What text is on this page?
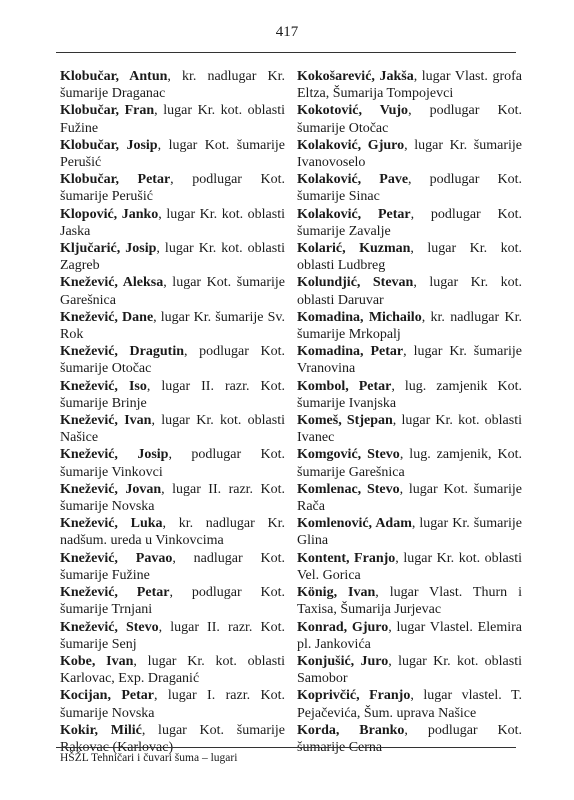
417

Klobučar, Antun, kr. nadlugar Kr. šumarije Draganac

Klobučar, Fran, lugar Kr. kot. oblasti Fužine

Klobučar, Josip, lugar Kot. šumarije Perušić

Klobučar, Petar, podlugar Kot. šumarije Perušić

Klopović, Janko, lugar Kr. kot. oblasti Jaska

Ključarić, Josip, lugar Kr. kot. oblasti Zagreb

Knežević, Aleksa, lugar Kot. šumarije Garešnica

Knežević, Dane, lugar Kr. šumarije Sv. Rok

Knežević, Dragutin, podlugar Kot. šumarije Otočac

Knežević, Iso, lugar II. razr. Kot. šumarije Brinje

Knežević, Ivan, lugar Kr. kot. oblasti Našice

Knežević, Josip, podlugar Kot. šumarije Vinkovci

Knežević, Jovan, lugar II. razr. Kot. šumarije Novska

Knežević, Luka, kr. nadlugar Kr. nadšum. ureda u Vinkovcima

Knežević, Pavao, nadlugar Kot. šumarije Fužine

Knežević, Petar, podlugar Kot. šumarije Trnjani

Knežević, Stevo, lugar II. razr. Kot. šumarije Senj

Kobe, Ivan, lugar Kr. kot. oblasti Karlovac, Exp. Draganić

Kocijan, Petar, lugar I. razr. Kot. šumarije Novska

Kokir, Milić, lugar Kot. šumarije Rakovac (Karlovac)

Kokošarević, Jakša, lugar Vlast. grofa Eltza, Šumarija Tompojevci

Kokotović, Vujo, podlugar Kot. šumarije Otočac

Kolaković, Gjuro, lugar Kr. šumarije Ivanovoselo

Kolaković, Pave, podlugar Kot. šumarije Sinac

Kolaković, Petar, podlugar Kot. šumarije Zavalje

Kolarić, Kuzman, lugar Kr. kot. oblasti Ludbreg

Kolundjić, Stevan, lugar Kr. kot. oblasti Daruvar

Komadina, Michailo, kr. nadlugar Kr. šumarije Mrkopalj

Komadina, Petar, lugar Kr. šumarije Vranovina

Kombol, Petar, lug. zamjenik Kot. šumarije Ivanjska

Komeš, Stjepan, lugar Kr. kot. oblasti Ivanec

Komgović, Stevo, lug. zamjenik, Kot. šumarije Garešnica

Komlenac, Stevo, lugar Kot. šumarije Rača

Komlenović, Adam, lugar Kr. šumarije Glina

Kontent, Franjo, lugar Kr. kot. oblasti Vel. Gorica

König, Ivan, lugar Vlast. Thurn i Taxisa, Šumarija Jurjevac

Konrad, Gjuro, lugar Vlastel. Elemira pl. Jankovića

Konjušić, Juro, lugar Kr. kot. oblasti Samobor

Koprivčić, Franjo, lugar vlastel. T. Pejačevića, Šum. uprava Našice

Korda, Branko, podlugar Kot. šumarije Cerna

HŠŽL Tehničari i čuvari šuma – lugari
